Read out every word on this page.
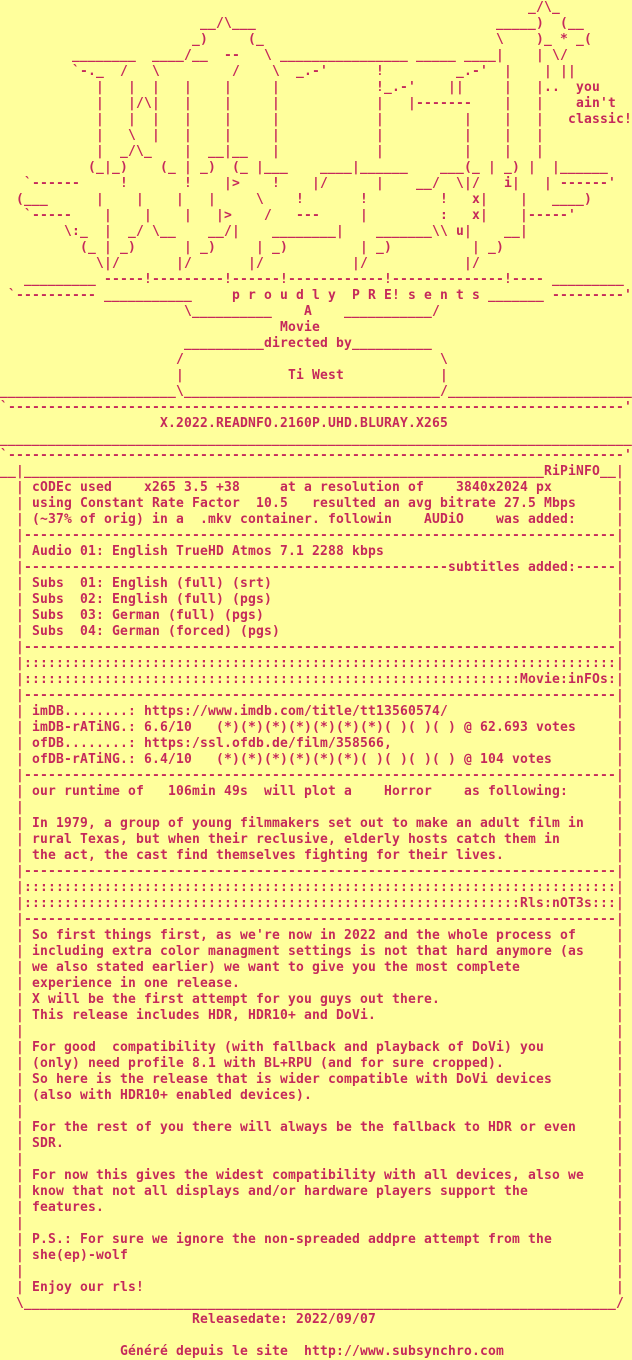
_/\_
__/\___                              _____)  (__
_)     (_                             \    )_ * _(
________  ____/__  --   \ ________________ _____ ____|    | \/
`-._  /   \         /    \  _.-'      !         _.-'  |    | ||
|   |  |   |    |     |            !_.-'    ||     |   |..  you
|   |/\|   |    |     |            |   |-------    |   |    ain't
|   |  |   |    |     |            |          |    |   |   classic!
|   \  |   |    |     |            |          |    |   |
|  _/\_    |  __|__   |            |          |    |   |
(_|_)    (_ | _)  (_ |___    ____|______    ___(_ | _) |  |______
`------     !       !    |>    !    |/      |    __/  \|/   i|   | ------'
(___      |    |    |   |     \    !       !         !   x|    |   ____)
`-----    |    |    |   |>    /   ---     |         :   x|    |-----'
\:_  |  _/ \__    __/|    ________|    _______\\ u|    __|
(_ | _)      | _)     | _)         | _)          | _)
\|/       |/       |/           |/            |/
_________ -----!---------!------!------------!--------------!---- _________
`---------- ___________     p r o u d l y  P R E! s e n t s _______ ---------'
\__________    A    ___________/
Movie
__________directed by__________
/                                \
|             Ti West            |
______________________\________________________________/_______________________
`-----------------------------------------------------------------------------'
X.2022.READNFO.2160P.UHD.BLURAY.X265
_______________________________________________________________________________
`-----------------------------------------------------------------------------'
__|_________________________________________________________________RiPiNFO__|
| cODEc used    x265 3.5 +38     at a resolution of    3840x2024 px        |
| using Constant Rate Factor  10.5   resulted an avg bitrate 27.5 Mbps     |
| (~37% of orig) in a  .mkv container. followin    AUDiO    was added:     |
|--------------------------------------------------------------------------|
| Audio 01: English TrueHD Atmos 7.1 2288 kbps                             |
|-----------------------------------------------------subtitles added:-----|
| Subs  01: English (full) (srt)                                           |
| Subs  02: English (full) (pgs)                                           |
| Subs  03: German (full) (pgs)                                            |
| Subs  04: German (forced) (pgs)                                          |
|--------------------------------------------------------------------------|
|::::::::::::::::::::::::::::::::::::::::::::::::::::::::::::::::::::::::::|
|::::::::::::::::::::::::::::::::::::::::::::::::::::::::::::::Movie:inFOs:|
|--------------------------------------------------------------------------|
| imDB........: https://www.imdb.com/title/tt13560574/                     |
| imDB-rATiNG.: 6.6/10   (*)(*)(*)(*)(*)(*)(*)( )( )( ) @ 62.693 votes     |
| ofDB........: https:/ssl.ofdb.de/film/358566,                            |
| ofDB-rATiNG.: 6.4/10   (*)(*)(*)(*)(*)(*)( )( )( )( ) @ 104 votes        |
|--------------------------------------------------------------------------|
| our runtime of   106min 49s  will plot a    Horror    as following:      |
|                                                                          |
| In 1979, a group of young filmmakers set out to make an adult film in    |
| rural Texas, but when their reclusive, elderly hosts catch them in       |
| the act, the cast find themselves fighting for their lives.              |
|--------------------------------------------------------------------------|
|::::::::::::::::::::::::::::::::::::::::::::::::::::::::::::::::::::::::::|
|::::::::::::::::::::::::::::::::::::::::::::::::::::::::::::::Rls:nOT3s:::|
|--------------------------------------------------------------------------|
| So first things first, as we're now in 2022 and the whole process of     |
| including extra color managment settings is not that hard anymore (as    |
| we also stated earlier) we want to give you the most complete            |
| experience in one release.                                               |
| X will be the first attempt for you guys out there.                      |
| This release includes HDR, HDR10+ and DoVi.                              |
|                                                                          |
| For good  compatibility (with fallback and playback of DoVi) you         |
| (only) need profile 8.1 with BL+RPU (and for sure cropped).              |
| So here is the release that is wider compatible with DoVi devices        |
| (also with HDR10+ enabled devices).                                      |
|                                                                          |
| For the rest of you there will always be the fallback to HDR or even     |
| SDR.                                                                     |
|                                                                          |
| For now this gives the widest compatibility with all devices, also we    |
| know that not all displays and/or hardware players support the           |
| features.                                                                |
|                                                                          |
| P.S.: For sure we ignore the non-spreaded addpre attempt from the        |
| she(ep)-wolf                                                             |
|                                                                          |
| Enjoy our rls!                                                           |
\__________________________________________________________________________/
Releasedate: 2022/09/07

Généré depuis le site  http://www.subsynchro.com
